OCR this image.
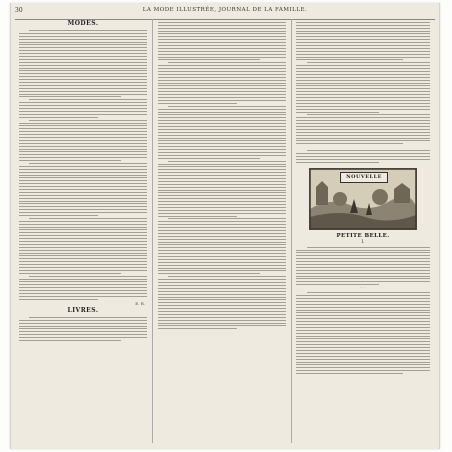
30	LA MODE ILLUSTRÉE, JOURNAL DE LA FAMILLE.
MODES.
E. R.
LIVRES.
NOUVELLE
PETITE BELLE.
I.
· · ·
